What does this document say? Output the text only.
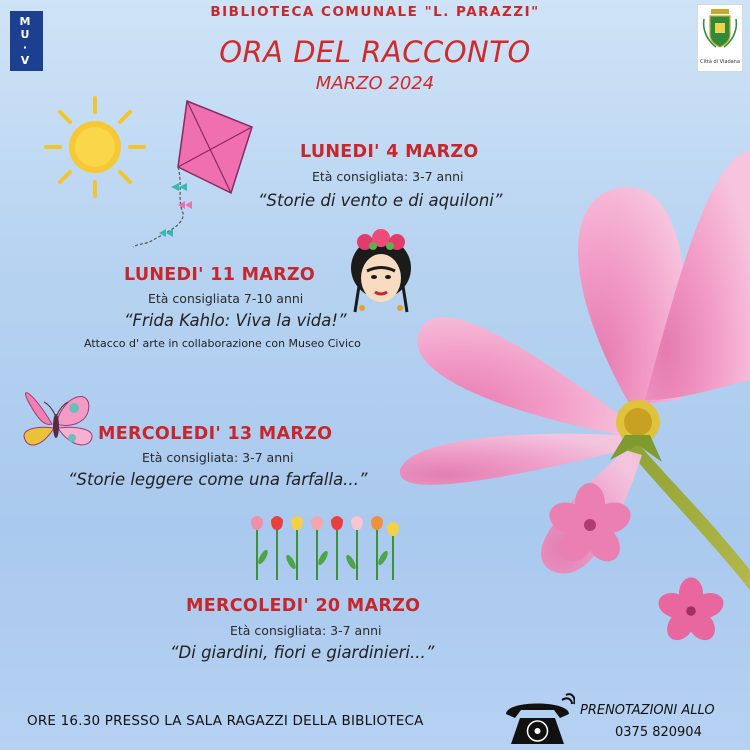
M
U
·
V	Città di Viadana
BIBLIOTECA COMUNALE "L. PARAZZI"
ORA DEL RACCONTO
MARZO 2024
LUNEDI' 4 MARZO
Età consigliata: 3-7 anni
“Storie di vento e di aquiloni”
LUNEDI' 11 MARZO
Età consigliata 7-10 anni
“Frida Kahlo: Viva la vida!”
Attacco d' arte in collaborazione con Museo Civico
MERCOLEDI' 13 MARZO
Età consigliata: 3-7 anni
“Storie leggere come una farfalla...”
MERCOLEDI' 20 MARZO
Età consigliata: 3-7 anni
“Di giardini, fiori e giardinieri...”
ORE 16.30 PRESSO LA SALA RAGAZZI DELLA BIBLIOTECA
PRENOTAZIONI ALLO
0375 820904
